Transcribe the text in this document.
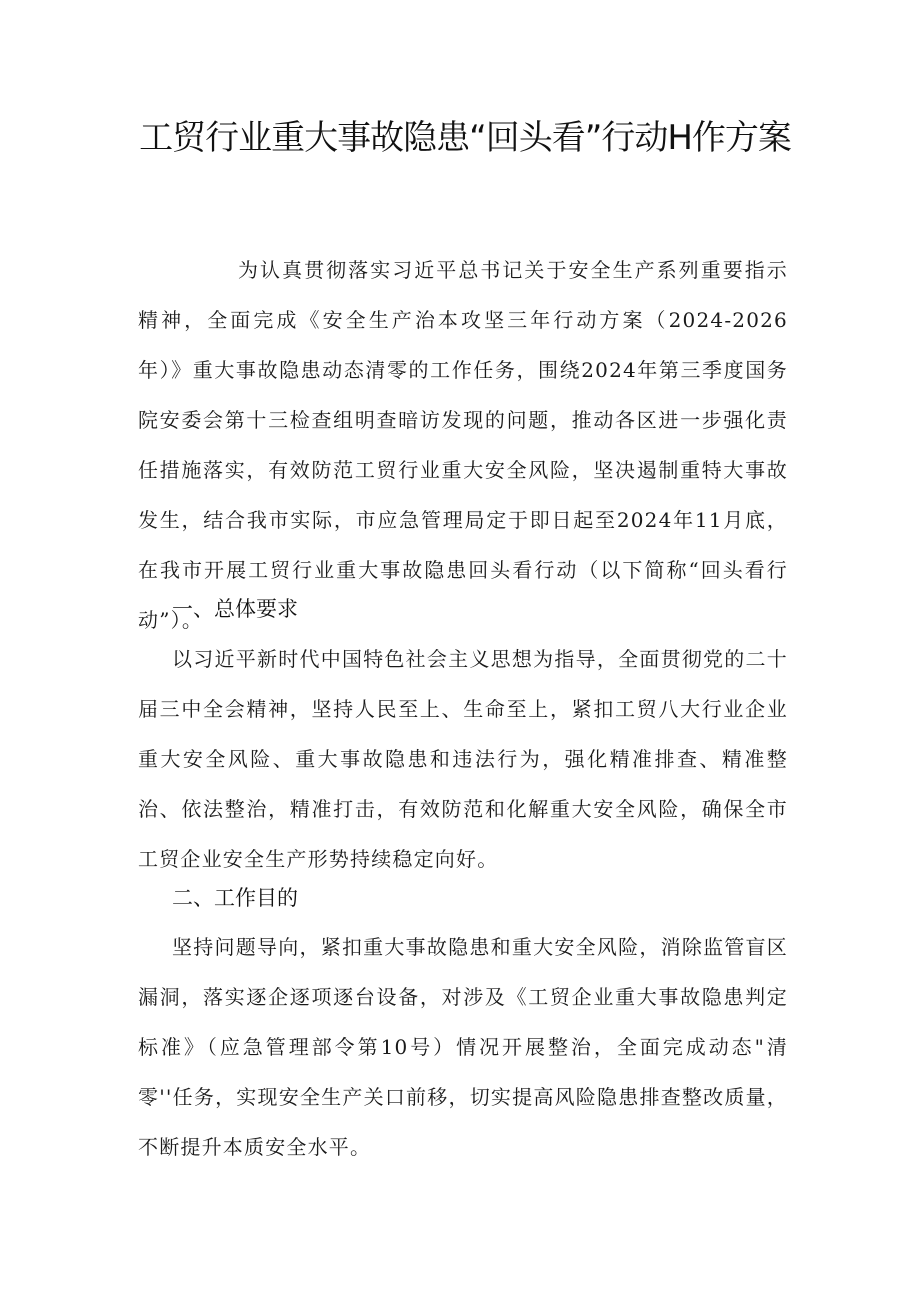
工贸行业重大事故隐患“回头看”行动H作方案

为认真贯彻落实习近平总书记关于安全生产系列重要指示精神，全面完成《安全生产治本攻坚三年行动方案（2024-2026年）》重大事故隐患动态清零的工作任务，围绕2024年第三季度国务院安委会第十三检查组明查暗访发现的问题，推动各区进一步强化责任措施落实，有效防范工贸行业重大安全风险，坚决遏制重特大事故发生，结合我市实际，市应急管理局定于即日起至2024年11月底，在我市开展工贸行业重大事故隐患回头看行动（以下简称“回头看行动”）。

一、总体要求

以习近平新时代中国特色社会主义思想为指导，全面贯彻党的二十届三中全会精神，坚持人民至上、生命至上，紧扣工贸八大行业企业重大安全风险、重大事故隐患和违法行为，强化精准排查、精准整治、依法整治，精准打击，有效防范和化解重大安全风险，确保全市工贸企业安全生产形势持续稳定向好。

二、工作目的

坚持问题导向，紧扣重大事故隐患和重大安全风险，消除监管盲区漏洞，落实逐企逐项逐台设备，对涉及《工贸企业重大事故隐患判定标准》（应急管理部令第10号）情况开展整治，全面完成动态"清零''任务，实现安全生产关口前移，切实提高风险隐患排查整改质量，不断提升本质安全水平。
